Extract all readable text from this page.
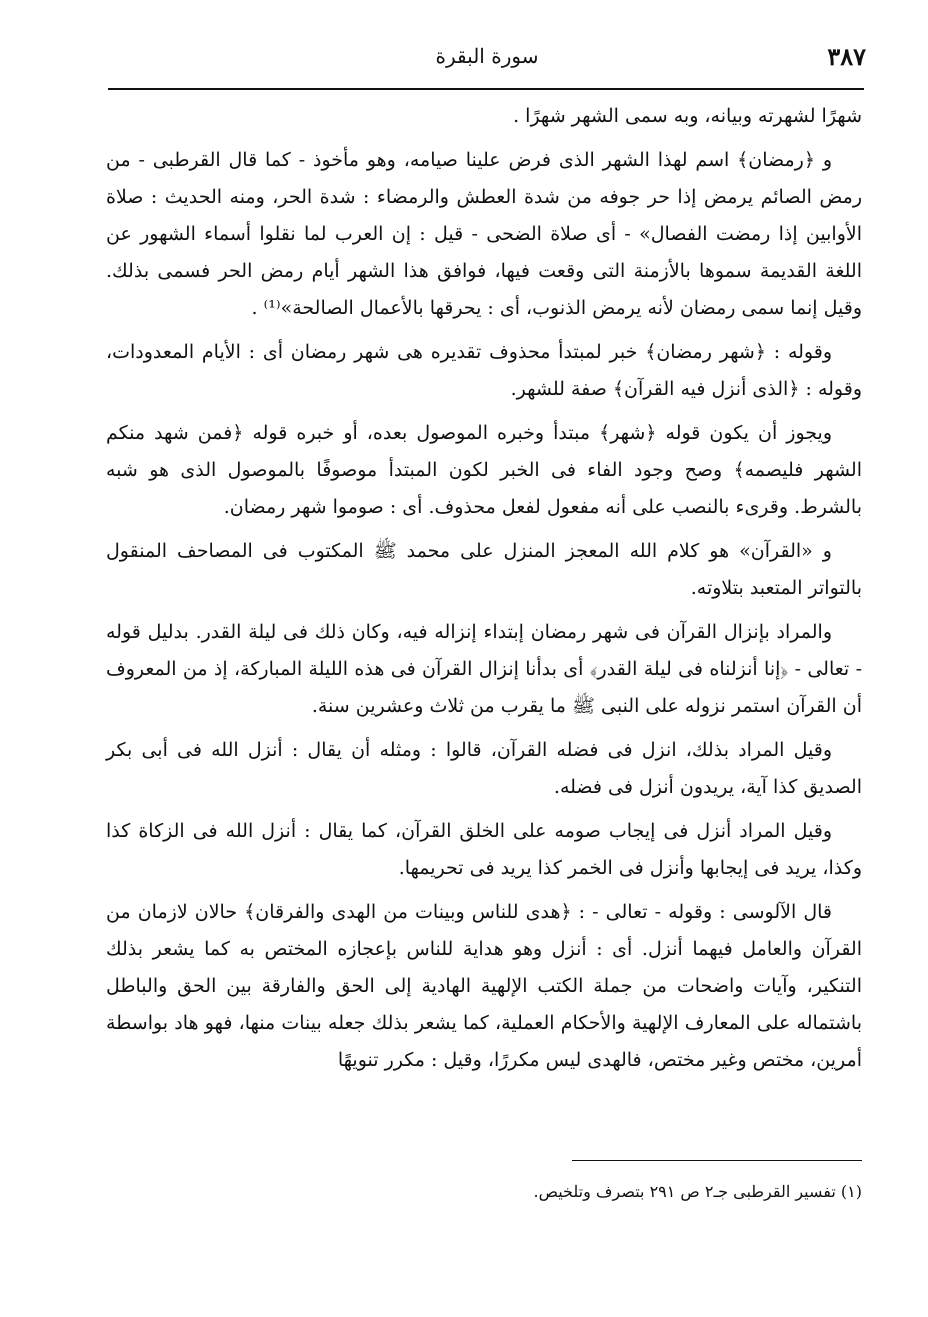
٣٨٧
سورة البقرة

شهرًا لشهرته وبيانه، وبه سمى الشهر شهرًا .

و ﴿رمضان﴾ اسم لهذا الشهر الذى فرض علينا صيامه، وهو مأخوذ - كما قال القرطبى - من رمض الصائم يرمض إذا حر جوفه من شدة العطش والرمضاء : شدة الحر، ومنه الحديث : صلاة الأوابين إذا رمضت الفصال» - أى صلاة الضحى - قيل : إن العرب لما نقلوا أسماء الشهور عن اللغة القديمة سموها بالأزمنة التى وقعت فيها، فوافق هذا الشهر أيام رمض الحر فسمى بذلك. وقيل إنما سمى رمضان لأنه يرمض الذنوب، أى : يحرقها بالأعمال الصالحة»⁽¹⁾ .

وقوله : ﴿شهر رمضان﴾ خبر لمبتدأ محذوف تقديره هى شهر رمضان أى : الأيام المعدودات، وقوله : ﴿الذى أنزل فيه القرآن﴾ صفة للشهر.

ويجوز أن يكون قوله ﴿شهر﴾ مبتدأ وخبره الموصول بعده، أو خبره قوله ﴿فمن شهد منكم الشهر فليصمه﴾ وصح وجود الفاء فى الخبر لكون المبتدأ موصوفًا بالموصول الذى هو شبه بالشرط. وقرىء بالنصب على أنه مفعول لفعل محذوف. أى : صوموا شهر رمضان.

و «القرآن» هو كلام الله المعجز المنزل على محمد ﷺ المكتوب فى المصاحف المنقول بالتواتر المتعبد بتلاوته.

والمراد بإنزال القرآن فى شهر رمضان إبتداء إنزاله فيه، وكان ذلك فى ليلة القدر. بدليل قوله - تعالى - ﴿إنا أنزلناه فى ليلة القدر﴾ أى بدأنا إنزال القرآن فى هذه الليلة المباركة، إذ من المعروف أن القرآن استمر نزوله على النبى ﷺ ما يقرب من ثلاث وعشرين سنة.

وقيل المراد بذلك، انزل فى فضله القرآن، قالوا : ومثله أن يقال : أنزل الله فى أبى بكر الصديق كذا آية، يريدون أنزل فى فضله.

وقيل المراد أنزل فى إيجاب صومه على الخلق القرآن، كما يقال : أنزل الله فى الزكاة كذا وكذا، يريد فى إيجابها وأنزل فى الخمر كذا يريد فى تحريمها.

قال الآلوسى : وقوله - تعالى - : ﴿هدى للناس وبينات من الهدى والفرقان﴾ حالان لازمان من القرآن والعامل فيهما أنزل. أى : أنزل وهو هداية للناس بإعجازه المختص به كما يشعر بذلك التنكير، وآيات واضحات من جملة الكتب الإلهية الهادية إلى الحق والفارقة بين الحق والباطل باشتماله على المعارف الإلهية والأحكام العملية، كما يشعر بذلك جعله بينات منها، فهو هاد بواسطة أمرين، مختص وغير مختص، فالهدى ليس مكررًا، وقيل : مكرر تنويهًا

(١) تفسير القرطبى جـ٢ ص ٢٩١ بتصرف وتلخيص.
